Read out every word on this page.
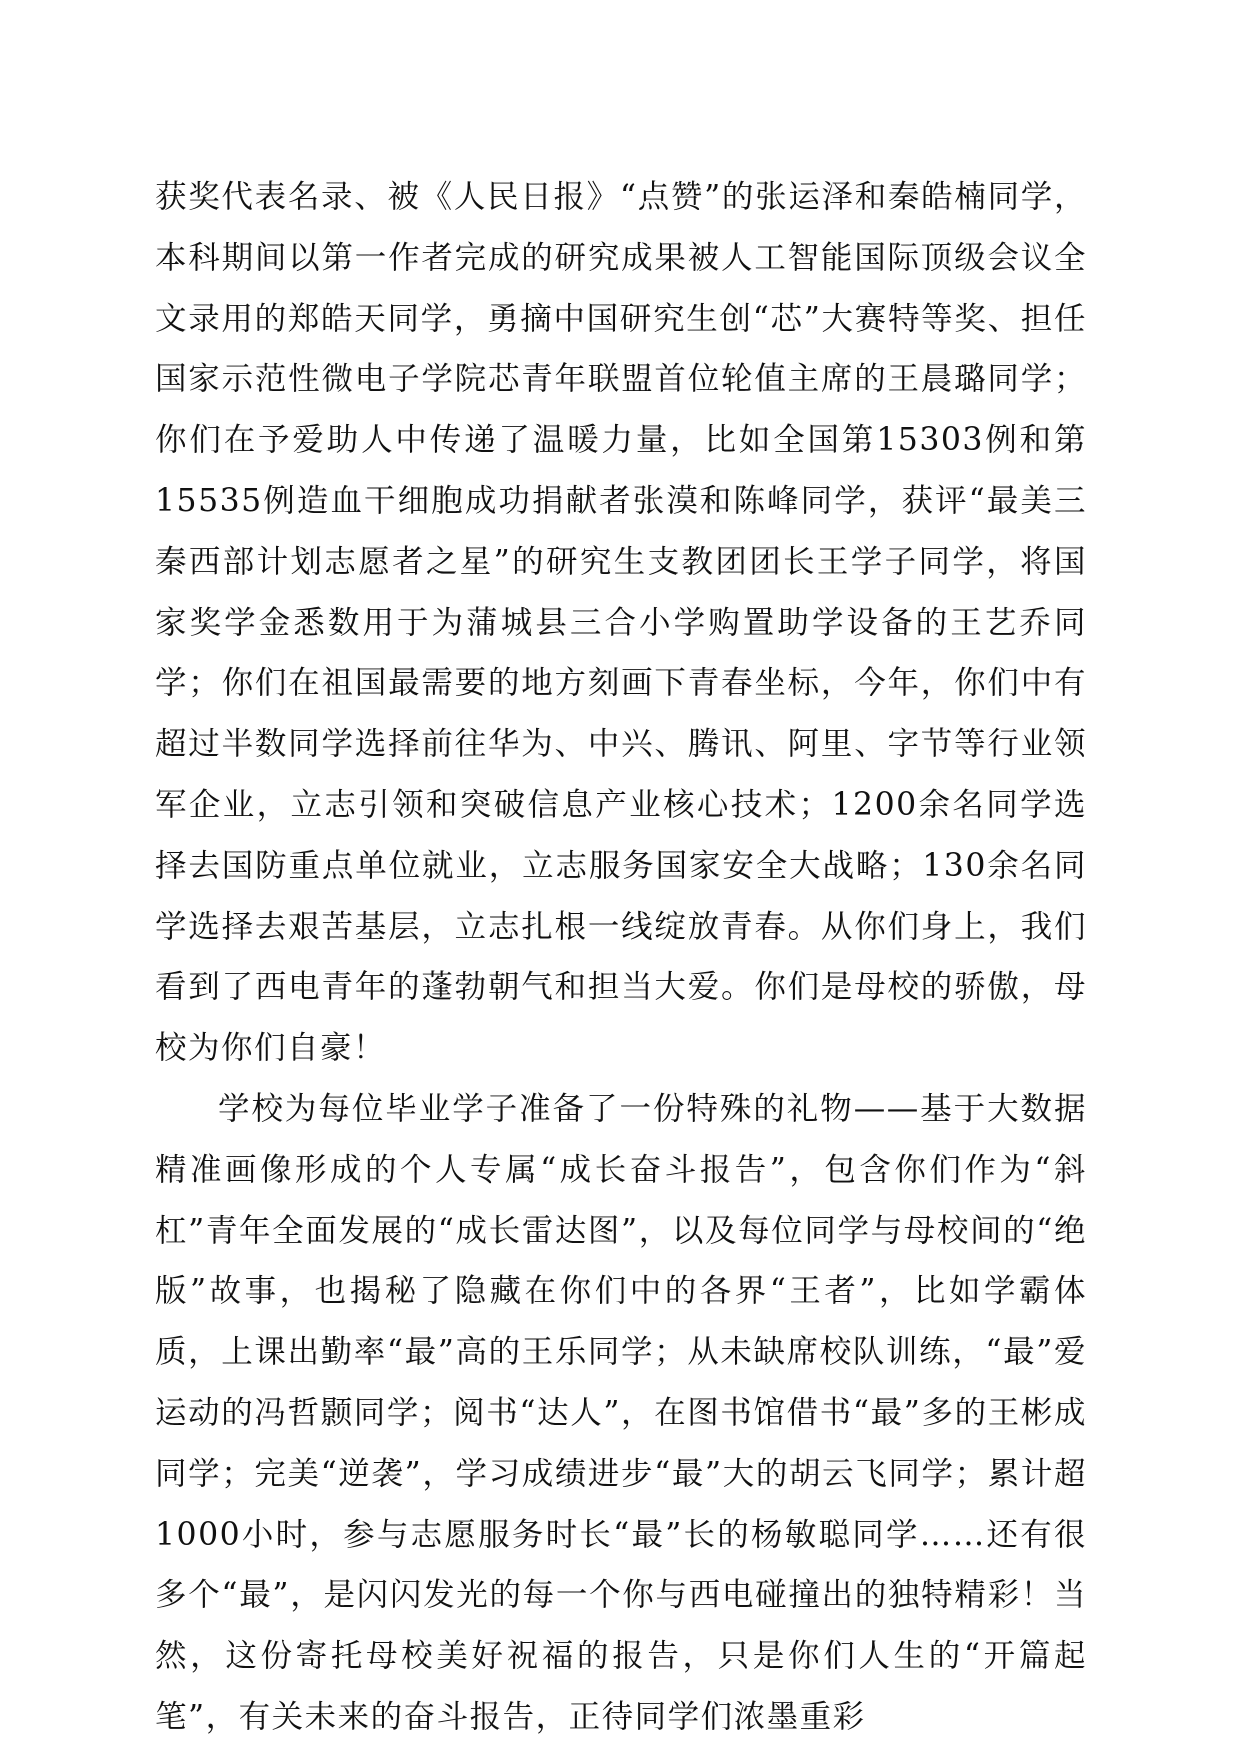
获奖代表名录、被《人民日报》“点赞”的张运泽和秦皓楠同学，本科期间以第一作者完成的研究成果被人工智能国际顶级会议全文录用的郑皓天同学，勇摘中国研究生创“芯”大赛特等奖、担任国家示范性微电子学院芯青年联盟首位轮值主席的王晨璐同学；你们在予爱助人中传递了温暖力量，比如全国第15303例和第15535例造血干细胞成功捐献者张漠和陈峰同学，获评“最美三秦西部计划志愿者之星”的研究生支教团团长王学子同学，将国家奖学金悉数用于为蒲城县三合小学购置助学设备的王艺乔同学；你们在祖国最需要的地方刻画下青春坐标，今年，你们中有超过半数同学选择前往华为、中兴、腾讯、阿里、字节等行业领军企业，立志引领和突破信息产业核心技术；1200余名同学选择去国防重点单位就业，立志服务国家安全大战略；130余名同学选择去艰苦基层，立志扎根一线绽放青春。从你们身上，我们看到了西电青年的蓬勃朝气和担当大爱。你们是母校的骄傲，母校为你们自豪！

学校为每位毕业学子准备了一份特殊的礼物——基于大数据精准画像形成的个人专属“成长奋斗报告”，包含你们作为“斜杠”青年全面发展的“成长雷达图”，以及每位同学与母校间的“绝版”故事，也揭秘了隐藏在你们中的各界“王者”，比如学霸体质，上课出勤率“最”高的王乐同学；从未缺席校队训练，“最”爱运动的冯哲颢同学；阅书“达人”，在图书馆借书“最”多的王彬成同学；完美“逆袭”，学习成绩进步“最”大的胡云飞同学；累计超1000小时，参与志愿服务时长“最”长的杨敏聪同学……还有很多个“最”，是闪闪发光的每一个你与西电碰撞出的独特精彩！当然，这份寄托母校美好祝福的报告，只是你们人生的“开篇起笔”，有关未来的奋斗报告，正待同学们浓墨重彩
